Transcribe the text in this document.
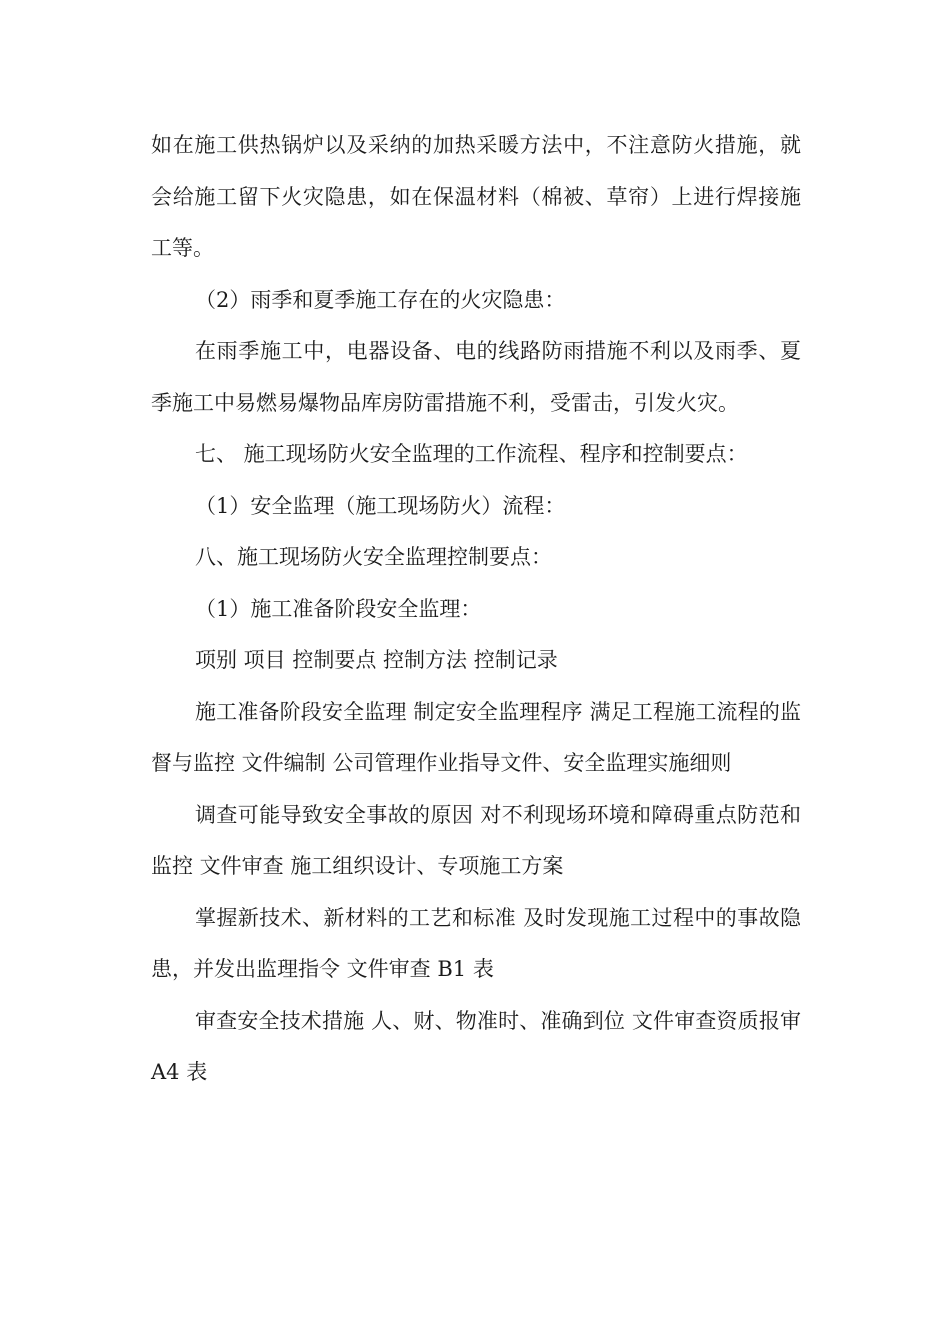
如在施工供热锅炉以及采纳的加热采暖方法中，不注意防火措施，就会给施工留下火灾隐患，如在保温材料（棉被、草帘）上进行焊接施工等。

（2）雨季和夏季施工存在的火灾隐患：

在雨季施工中，电器设备、电的线路防雨措施不利以及雨季、夏季施工中易燃易爆物品库房防雷措施不利，受雷击，引发火灾。

七、 施工现场防火安全监理的工作流程、程序和控制要点：

（1）安全监理（施工现场防火）流程：

八、施工现场防火安全监理控制要点：

（1）施工准备阶段安全监理：

项别 项目 控制要点 控制方法 控制记录

施工准备阶段安全监理 制定安全监理程序 满足工程施工流程的监督与监控 文件编制 公司管理作业指导文件、安全监理实施细则

调查可能导致安全事故的原因 对不利现场环境和障碍重点防范和监控 文件审查 施工组织设计、专项施工方案

掌握新技术、新材料的工艺和标准 及时发现施工过程中的事故隐患，并发出监理指令 文件审查 B1 表

审查安全技术措施 人、财、物准时、准确到位 文件审查资质报审 A4 表
